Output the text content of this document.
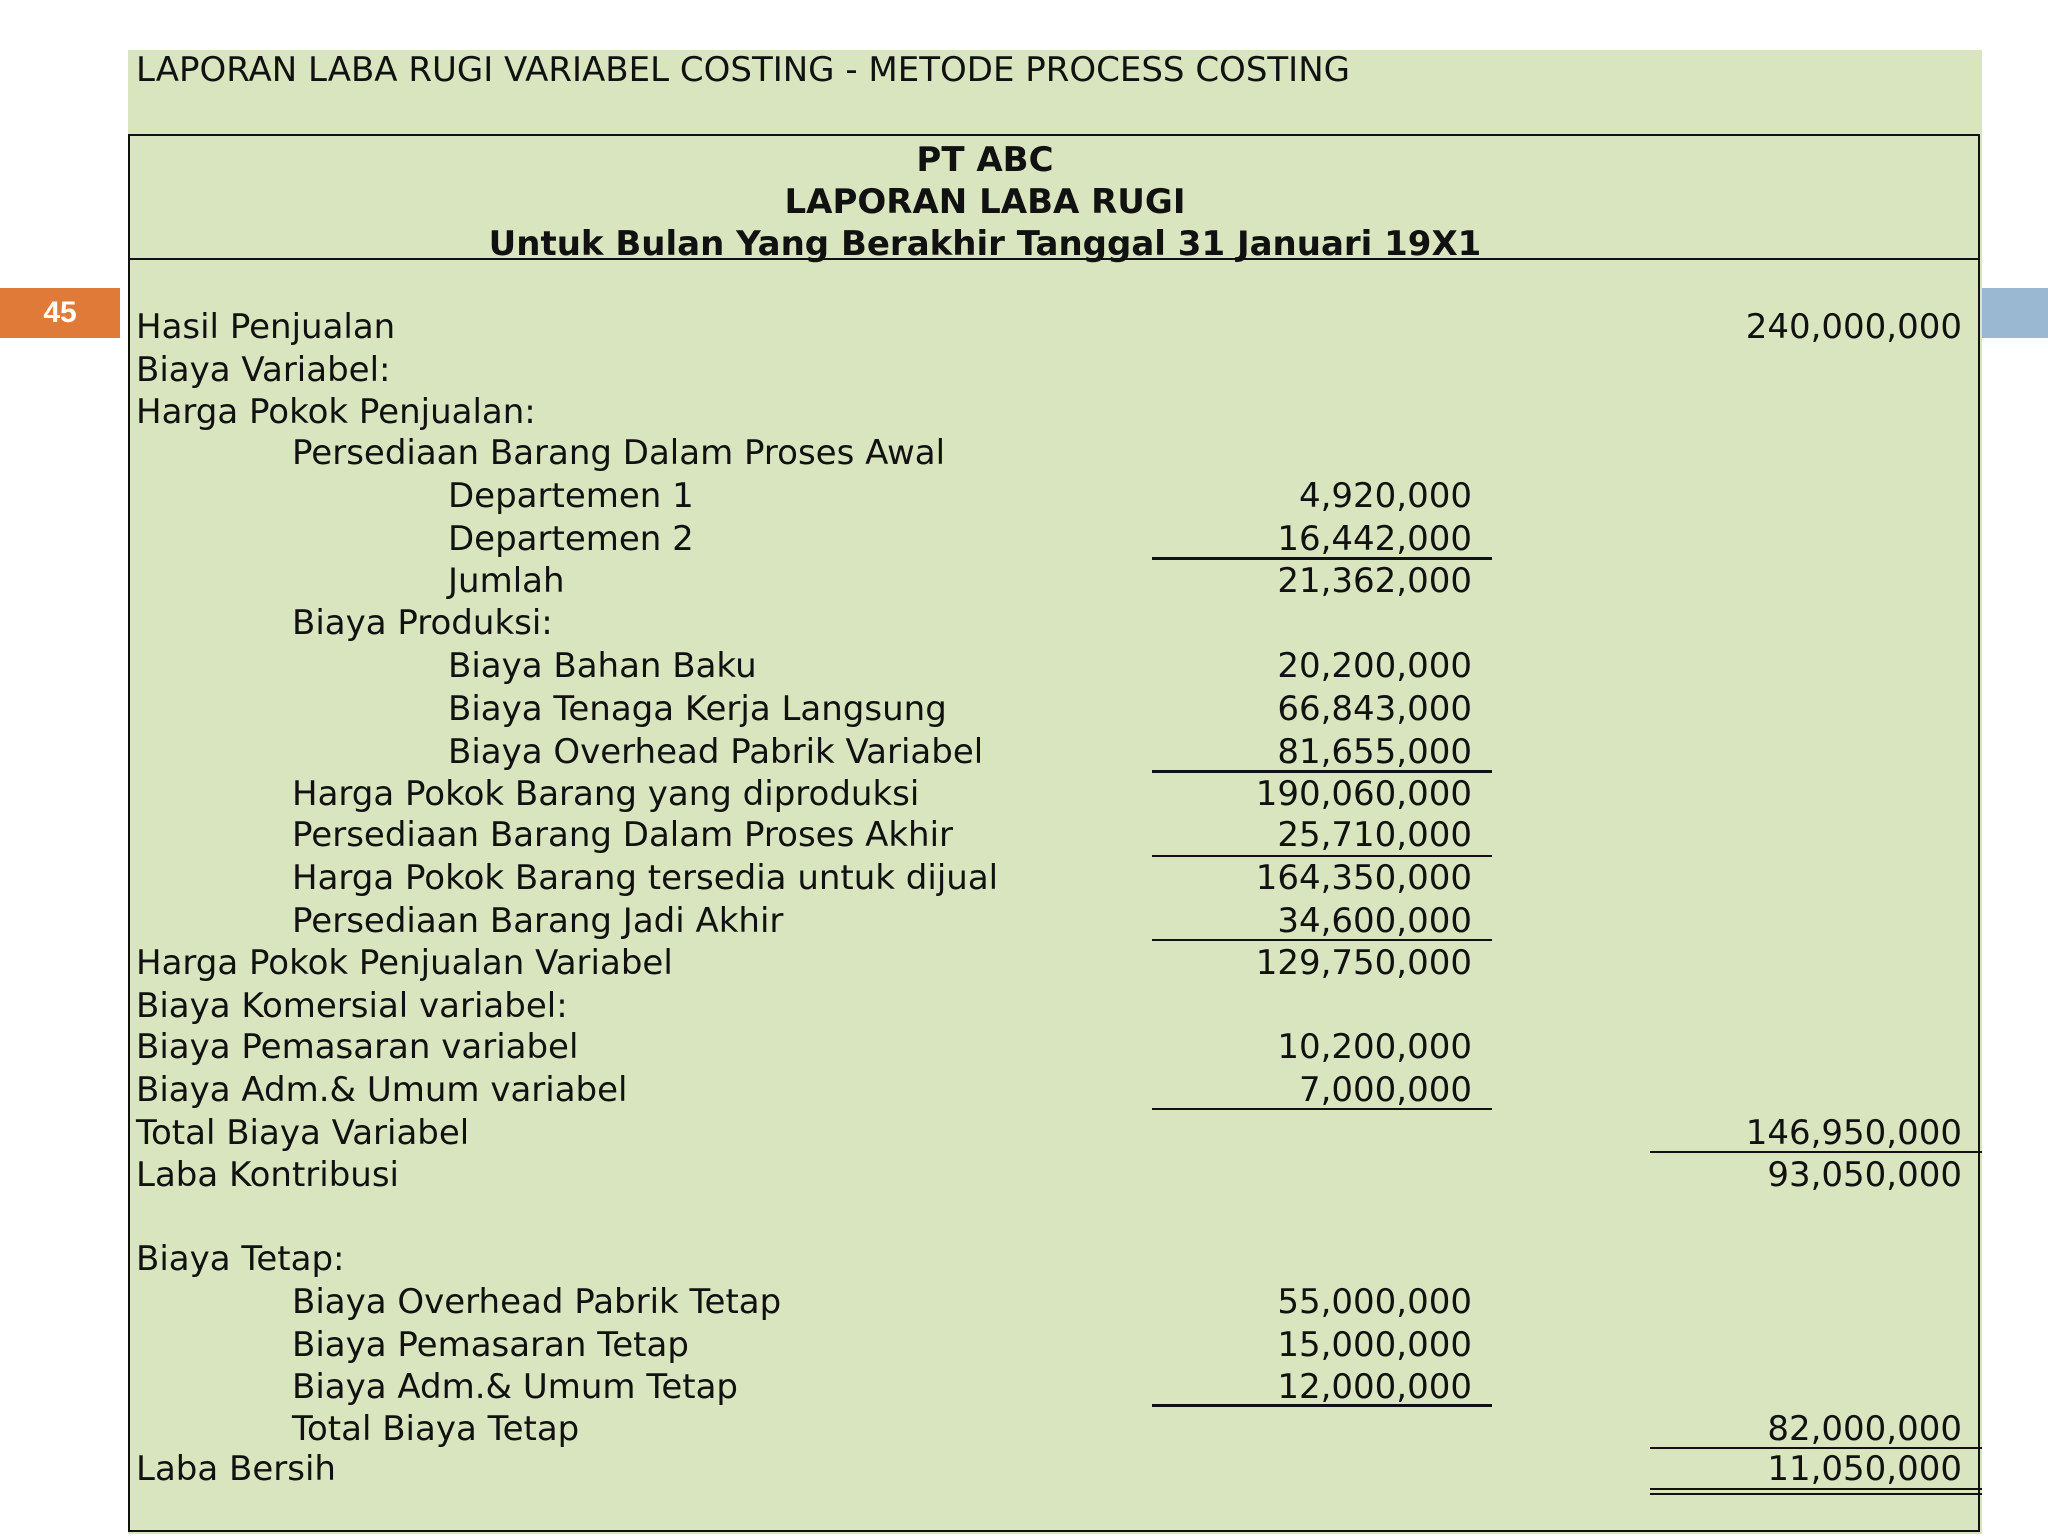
45
LAPORAN LABA RUGI VARIABEL COSTING - METODE PROCESS COSTING
PT ABC
LAPORAN LABA RUGI
Untuk Bulan Yang Berakhir Tanggal 31 Januari 19X1
Hasil Penjualan	240,000,000
Biaya Variabel:
Harga Pokok Penjualan:
Persediaan Barang Dalam Proses Awal
Departemen 1	4,920,000
Departemen 2	16,442,000
Jumlah	21,362,000
Biaya Produksi:
Biaya Bahan Baku	20,200,000
Biaya Tenaga Kerja Langsung	66,843,000
Biaya Overhead Pabrik Variabel	81,655,000
Harga Pokok Barang yang diproduksi	190,060,000
Persediaan Barang Dalam Proses Akhir	25,710,000
Harga Pokok Barang tersedia untuk dijual	164,350,000
Persediaan Barang Jadi Akhir	34,600,000
Harga Pokok Penjualan Variabel	129,750,000
Biaya Komersial variabel:
Biaya Pemasaran variabel	10,200,000
Biaya Adm.& Umum variabel	7,000,000
Total Biaya Variabel	146,950,000
Laba Kontribusi	93,050,000
Biaya Tetap:
Biaya Overhead Pabrik Tetap	55,000,000
Biaya Pemasaran Tetap	15,000,000
Biaya Adm.& Umum Tetap	12,000,000
Total Biaya Tetap	82,000,000
Laba Bersih	11,050,000
